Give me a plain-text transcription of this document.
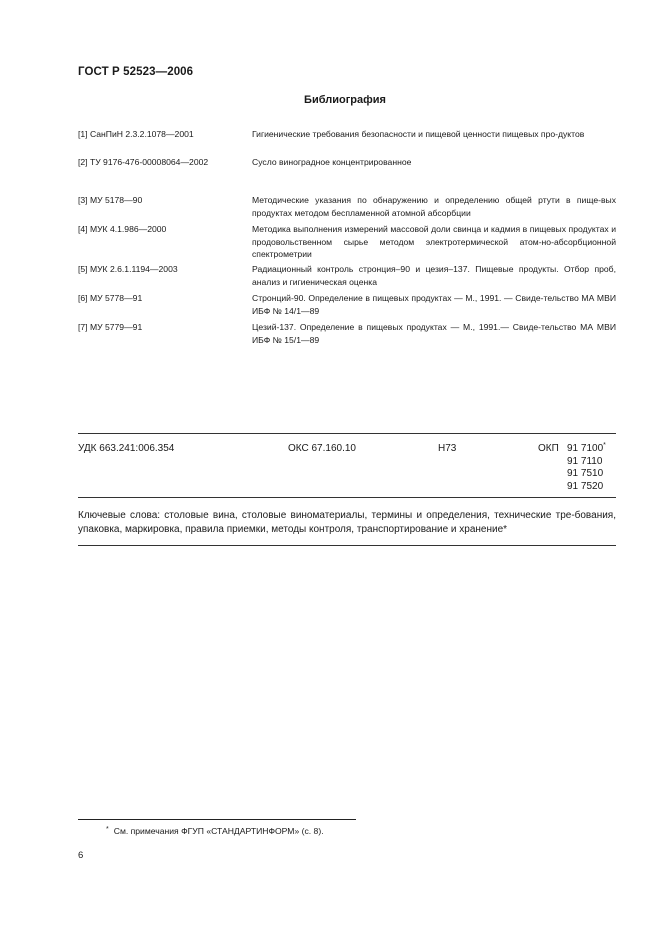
ГОСТ Р 52523—2006
Библиография
[1] СанПиН 2.3.2.1078—2001	Гигиенические требования безопасности и пищевой ценности пищевых про-дуктов
[2] ТУ 9176-476-00008064—2002	Сусло виноградное концентрированное
[3] МУ 5178—90	Методические указания по обнаружению и определению общей ртути в пище-вых продуктах методом беспламенной атомной абсорбции
[4] МУК 4.1.986—2000	Методика выполнения измерений массовой доли свинца и кадмия в пищевых продуктах и продовольственном сырье методом электротермической атом-но-абсорбционной спектрометрии
[5] МУК 2.6.1.1194—2003	Радиационный контроль стронция–90 и цезия–137. Пищевые продукты. Отбор проб, анализ и гигиеническая оценка
[6] МУ 5778—91	Стронций-90. Определение в пищевых продуктах — М., 1991. — Свиде-тельство МА МВИ ИБФ № 14/1—89
[7] МУ 5779—91	Цезий-137. Определение в пищевых продуктах — М., 1991.— Свиде-тельство МА МВИ ИБФ № 15/1—89
УДК 663.241:006.354	ОКС 67.160.10	Н73	ОКП 91 7100*
91 7110
91 7510
91 7520
Ключевые слова: столовые вина, столовые виноматериалы, термины и определения, технические тре-бования, упаковка, маркировка, правила приемки, методы контроля, транспортирование и хранение*
* См. примечания ФГУП «СТАНДАРТИНФОРМ» (с. 8).
6
